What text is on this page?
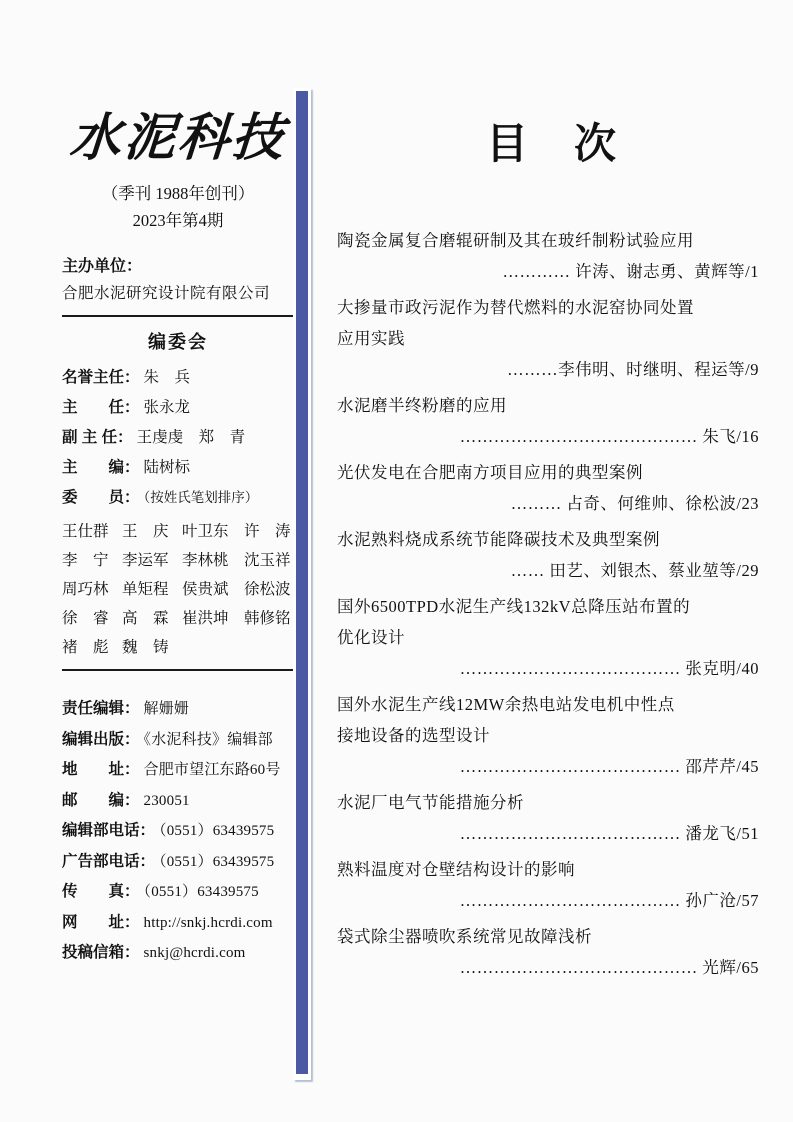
水泥科技
（季刊 1988年创刊）
2023年第4期
主办单位：
合肥水泥研究设计院有限公司
编委会
名誉主任： 朱　兵
主　　任： 张永龙
副 主 任： 王虔虔　郑　青
主　　编： 陆树标
委　　员： （按姓氏笔划排序）
王仕群 王　庆 叶卫东 许　涛
李　宁 李运军 李林桃 沈玉祥
周巧林 单矩程 侯贵斌 徐松波
徐　睿 高　霖 崔洪坤 韩修铭
褚　彪 魏　铸
责任编辑： 解姗姗
编辑出版： 《水泥科技》编辑部
地　　址： 合肥市望江东路60号
邮　　编： 230051
编辑部电话： （0551）63439575
广告部电话： （0551）63439575
传　　真： （0551）63439575
网　　址： http://snkj.hcrdi.com
投稿信箱： snkj@hcrdi.com
目　次
陶瓷金属复合磨辊研制及其在玻纤制粉试验应用
………… 许涛、谢志勇、黄辉等/1
大掺量市政污泥作为替代燃料的水泥窑协同处置
应用实践
………李伟明、时继明、程运等/9
水泥磨半终粉磨的应用
…………………………………… 朱飞/16
光伏发电在合肥南方项目应用的典型案例
……… 占奇、何维帅、徐松波/23
水泥熟料烧成系统节能降碳技术及典型案例
…… 田艺、刘银杰、蔡业堃等/29
国外6500TPD水泥生产线132kV总降压站布置的
优化设计
………………………………… 张克明/40
国外水泥生产线12MW余热电站发电机中性点
接地设备的选型设计
………………………………… 邵芹芹/45
水泥厂电气节能措施分析
………………………………… 潘龙飞/51
熟料温度对仓壁结构设计的影响
………………………………… 孙广沧/57
袋式除尘器喷吹系统常见故障浅析
…………………………………… 光辉/65
